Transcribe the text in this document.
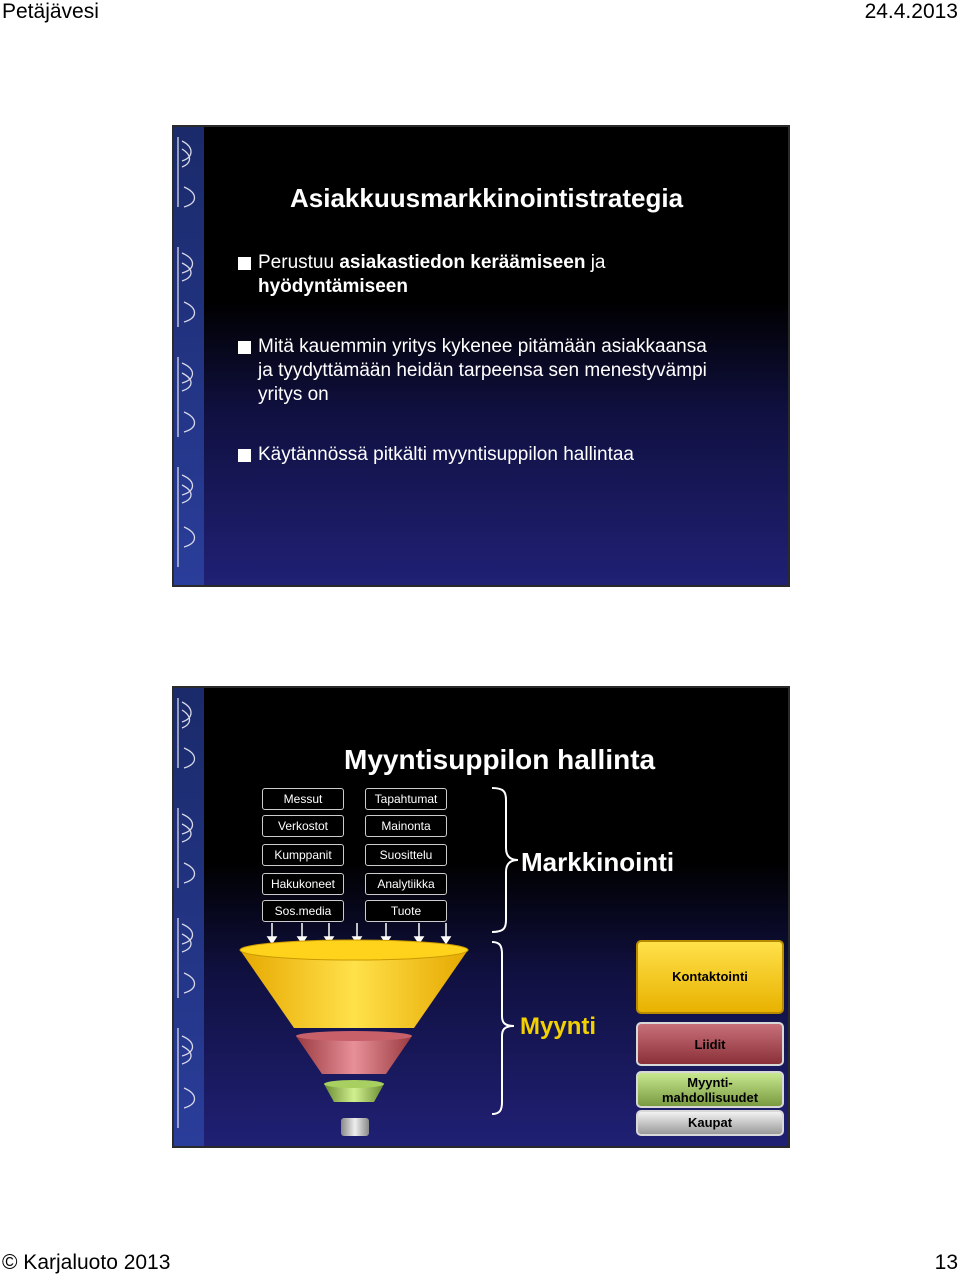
Petäjävesi	24.4.2013
Asiakkuusmarkkinointistrategia
Perustuu asiakastiedon keräämiseen ja
hyödyntämiseen
Mitä kauemmin yritys kykenee pitämään asiakkaansa
ja tyydyttämään heidän tarpeensa sen menestyvämpi
yritys on
Käytännössä pitkälti myyntisuppilon hallintaa
Myyntisuppilon hallinta
Messut
Verkostot
Kumppanit
Hakukoneet
Sos.media
Tapahtumat
Mainonta
Suosittelu
Analytiikka
Tuote
Markkinointi
Myynti
Kontaktointi
Liidit
Myynti-
mahdollisuudet
Kaupat
© Karjaluoto 2013	13
